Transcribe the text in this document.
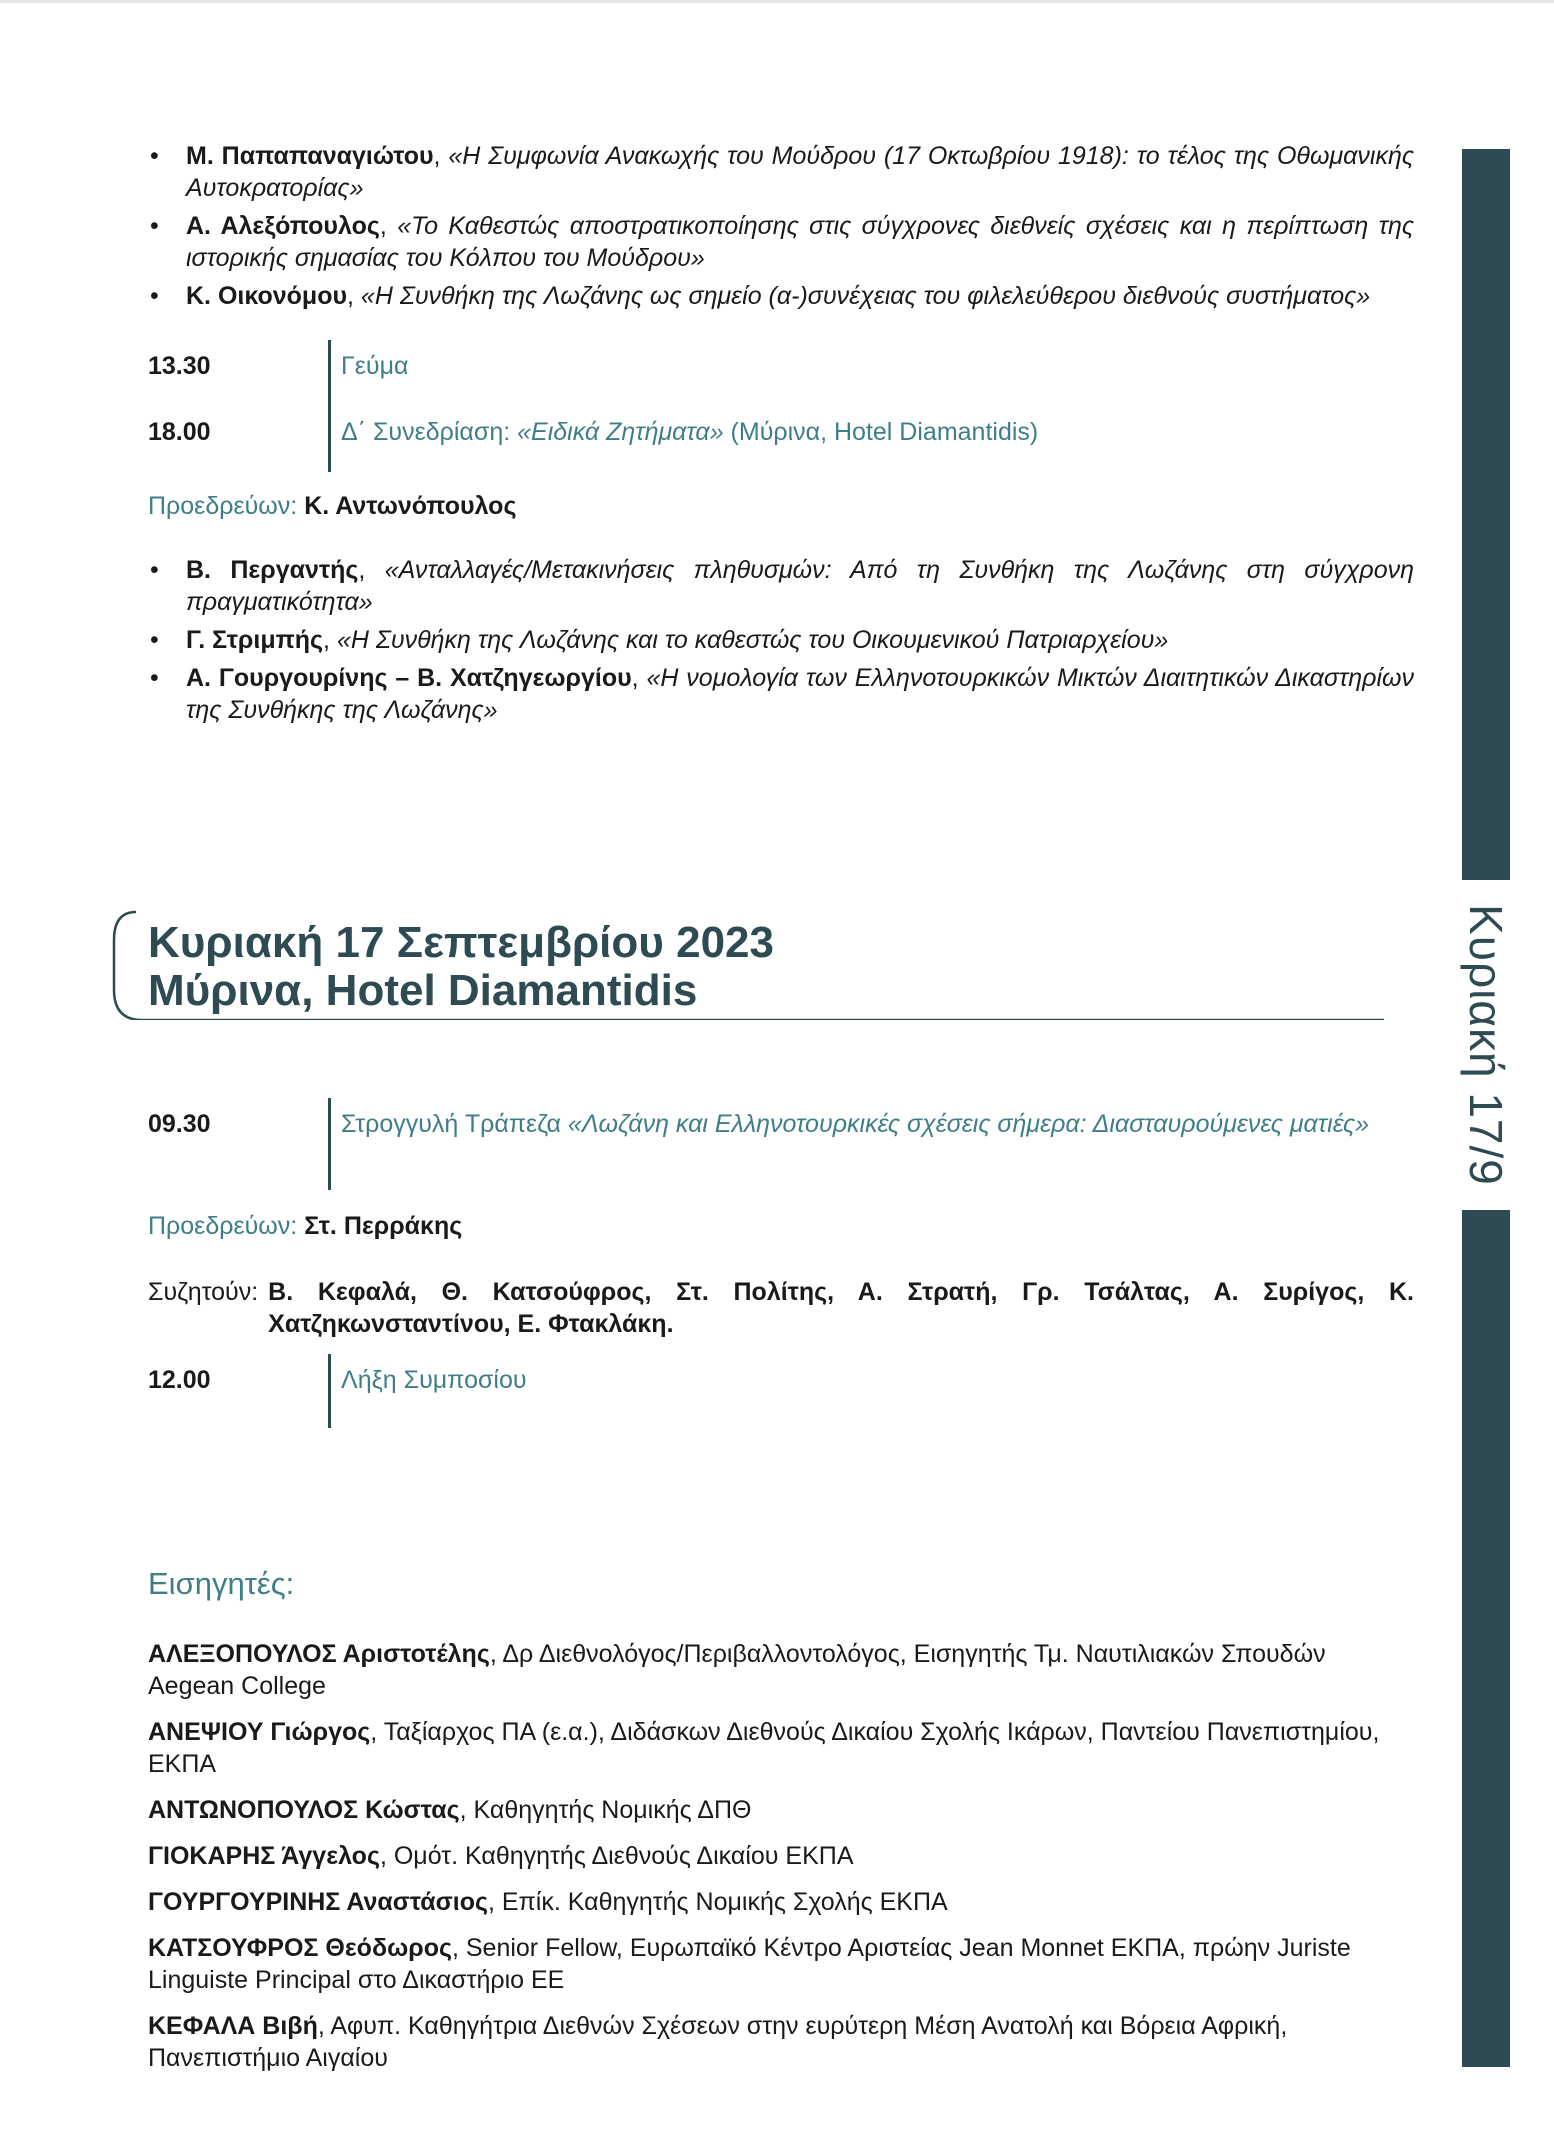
Κυριακή 17/9
• Μ. Παπαπαναγιώτου, «Η Συμφωνία Ανακωχής του Μούδρου (17 Οκτωβρίου 1918): το τέλος της Οθωμανικής Αυτοκρατορίας»
• Α. Αλεξόπουλος, «Το Καθεστώς αποστρατικοποίησης στις σύγχρονες διεθνείς σχέσεις και η περίπτωση της ιστορικής σημασίας του Κόλπου του Μούδρου»
• Κ. Οικονόμου, «Η Συνθήκη της Λωζάνης ως σημείο (α-)συνέχειας του φιλελεύθερου διεθνούς συστήματος»
13.30	Γεύμα
18.00	Δ΄ Συνεδρίαση: «Ειδικά Ζητήματα» (Μύρινα, Hotel Diamantidis)
Προεδρεύων: Κ. Αντωνόπουλος
• Β. Περγαντής, «Ανταλλαγές/Μετακινήσεις πληθυσμών: Από τη Συνθήκη της Λωζάνης στη σύγχρονη πραγματικότητα»
• Γ. Στριμπής, «Η Συνθήκη της Λωζάνης και το καθεστώς του Οικουμενικού Πατριαρχείου»
• Α. Γουργουρίνης – Β. Χατζηγεωργίου, «Η νομολογία των Ελληνοτουρκικών Μικτών Διαιτητικών Δικαστηρίων της Συνθήκης της Λωζάνης»
Κυριακή 17 Σεπτεμβρίου 2023
Μύρινα, Hotel Diamantidis
09.30	Στρογγυλή Τράπεζα «Λωζάνη και Ελληνοτουρκικές σχέσεις σήμερα: Διασταυρούμενες ματιές»
Προεδρεύων: Στ. Περράκης
Συζητούν: Β. Κεφαλά, Θ. Κατσούφρος, Στ. Πολίτης, Α. Στρατή, Γρ. Τσάλτας, Α. Συρίγος, Κ. Χατζηκωνσταντίνου, Ε. Φτακλάκη.
12.00	Λήξη Συμποσίου
Εισηγητές:
ΑΛΕΞΟΠΟΥΛΟΣ Αριστοτέλης, Δρ Διεθνολόγος/Περιβαλλοντολόγος, Εισηγητής Τμ. Ναυτιλιακών Σπουδών Aegean College
ΑΝΕΨΙΟΥ Γιώργος, Ταξίαρχος ΠΑ (ε.α.), Διδάσκων Διεθνούς Δικαίου Σχολής Ικάρων, Παντείου Πανεπιστημίου, ΕΚΠΑ
ΑΝΤΩΝΟΠΟΥΛΟΣ Κώστας, Καθηγητής Νομικής ΔΠΘ
ΓΙΟΚΑΡΗΣ Άγγελος, Ομότ. Καθηγητής Διεθνούς Δικαίου ΕΚΠΑ
ΓΟΥΡΓΟΥΡΙΝΗΣ Αναστάσιος, Επίκ. Καθηγητής Νομικής Σχολής ΕΚΠΑ
ΚΑΤΣΟΥΦΡΟΣ Θεόδωρος, Senior Fellow, Ευρωπαϊκό Κέντρο Αριστείας Jean Monnet ΕΚΠΑ, πρώην Juriste Linguiste Principal στο Δικαστήριο ΕΕ
ΚΕΦΑΛΑ Βιβή, Αφυπ. Καθηγήτρια Διεθνών Σχέσεων στην ευρύτερη Μέση Ανατολή και Βόρεια Αφρική, Πανεπιστήμιο Αιγαίου
